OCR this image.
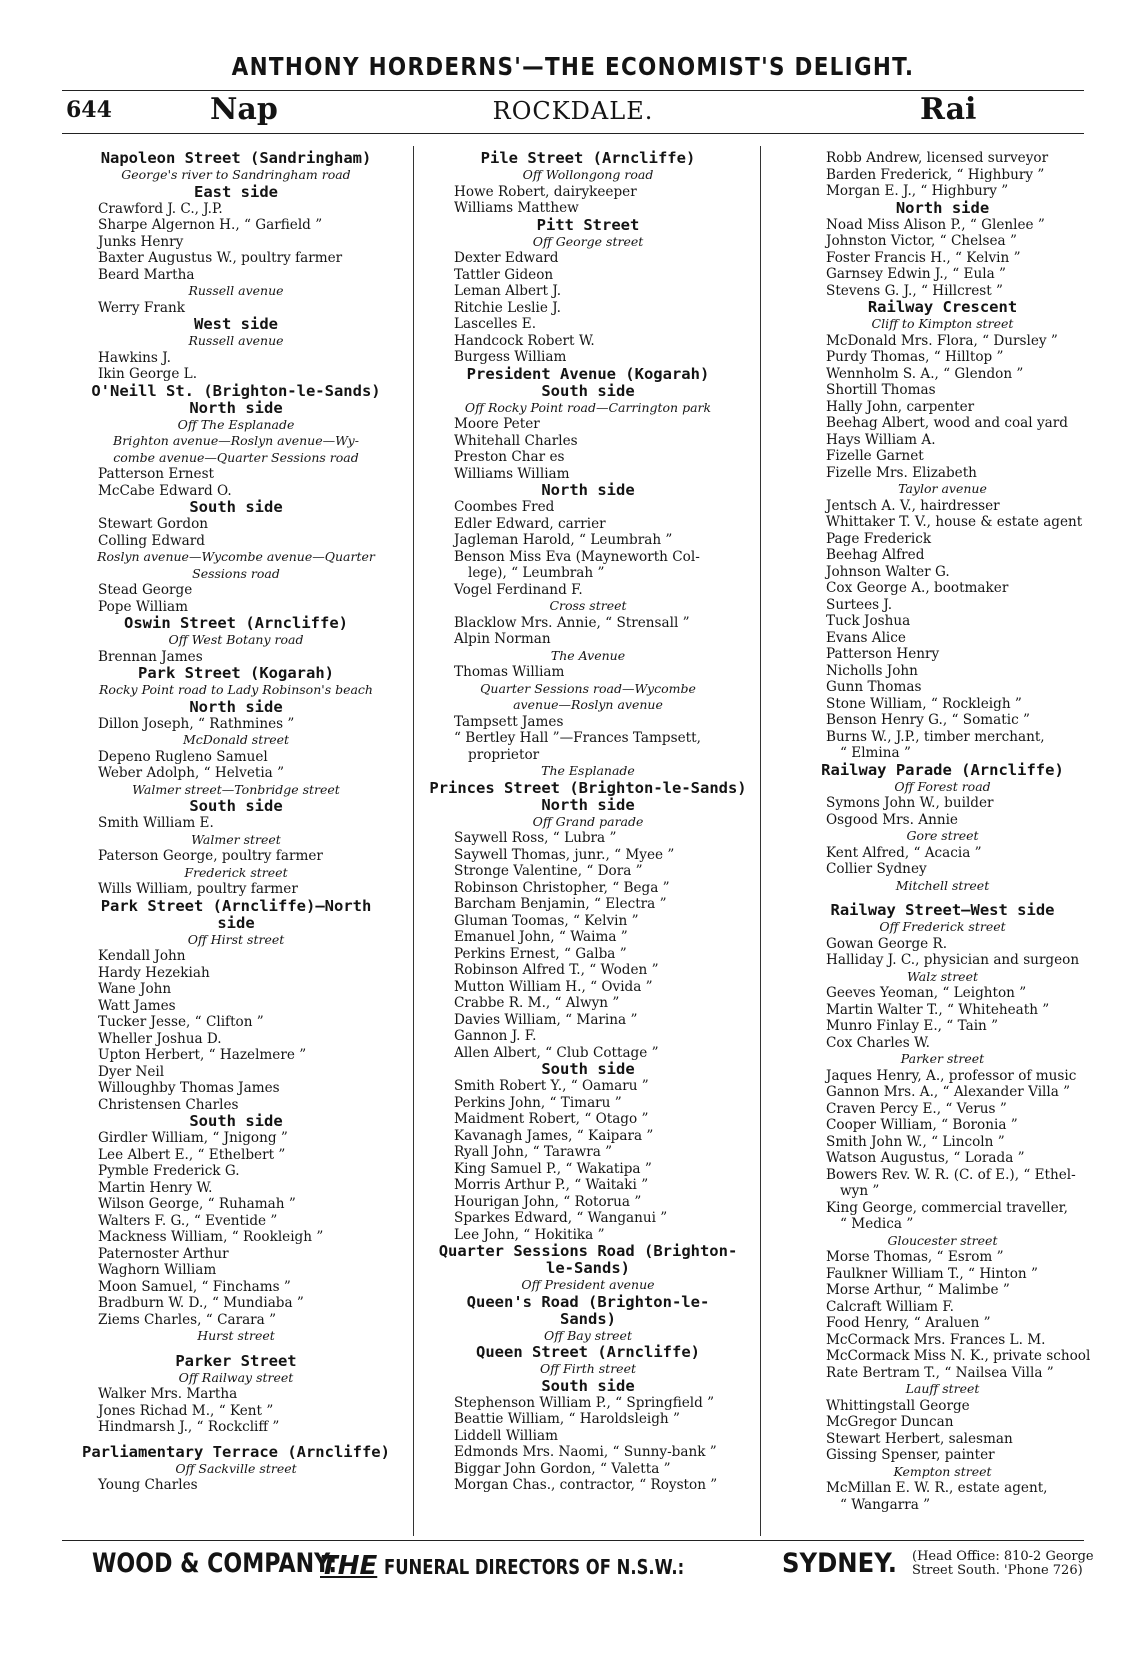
ANTHONY HORDERNS'—THE ECONOMIST'S DELIGHT.
644	Nap	ROCKDALE.	Rai
Napoleon Street (Sandringham)
George's river to Sandringham road
East side
Crawford J. C., J.P.
Sharpe Algernon H., “ Garfield ”
Junks Henry
Baxter Augustus W., poultry farmer
Beard Martha
Russell avenue
Werry Frank
West side
Russell avenue
Hawkins J.
Ikin George L.
O'Neill St. (Brighton-le-Sands)
North side
Off The Esplanade
Brighton avenue—Roslyn avenue—Wy-
combe avenue—Quarter Sessions road
Patterson Ernest
McCabe Edward O.
South side
Stewart Gordon
Colling Edward
Roslyn avenue—Wycombe avenue—Quarter
Sessions road
Stead George
Pope William
Oswin Street (Arncliffe)
Off West Botany road
Brennan James
Park Street (Kogarah)
Rocky Point road to Lady Robinson's beach
North side
Dillon Joseph, “ Rathmines ”
McDonald street
Depeno Rugleno Samuel
Weber Adolph, “ Helvetia ”
Walmer street—Tonbridge street
South side
Smith William E.
Walmer street
Paterson George, poultry farmer
Frederick street
Wills William, poultry farmer
Park Street (Arncliffe)—North
side
Off Hirst street
Kendall John
Hardy Hezekiah
Wane John
Watt James
Tucker Jesse, “ Clifton ”
Wheller Joshua D.
Upton Herbert, “ Hazelmere ”
Dyer Neil
Willoughby Thomas James
Christensen Charles
South side
Girdler William, “ Jnigong ”
Lee Albert E., “ Ethelbert ”
Pymble Frederick G.
Martin Henry W.
Wilson George, “ Ruhamah ”
Walters F. G., “ Eventide ”
Mackness William, “ Rookleigh ”
Paternoster Arthur
Waghorn William
Moon Samuel, “ Finchams ”
Bradburn W. D., “ Mundiaba ”
Ziems Charles, “ Carara ”
Hurst street
Parker Street
Off Railway street
Walker Mrs. Martha
Jones Richad M., “ Kent ”
Hindmarsh J., “ Rockcliff ”
Parliamentary Terrace (Arncliffe)
Off Sackville street
Young Charles
Pile Street (Arncliffe)
Off Wollongong road
Howe Robert, dairykeeper
Williams Matthew
Pitt Street
Off George street
Dexter Edward
Tattler Gideon
Leman Albert J.
Ritchie Leslie J.
Lascelles E.
Handcock Robert W.
Burgess William
President Avenue (Kogarah)
South side
Off Rocky Point road—Carrington park
Moore Peter
Whitehall Charles
Preston Char es
Williams William
North side
Coombes Fred
Edler Edward, carrier
Jagleman Harold, “ Leumbrah ”
Benson Miss Eva (Mayneworth Col-
lege), “ Leumbrah ”
Vogel Ferdinand F.
Cross street
Blacklow Mrs. Annie, “ Strensall ”
Alpin Norman
The Avenue
Thomas William
Quarter Sessions road—Wycombe
avenue—Roslyn avenue
Tampsett James
“ Bertley Hall ”—Frances Tampsett,
proprietor
The Esplanade
Princes Street (Brighton-le-Sands)
North side
Off Grand parade
Saywell Ross, “ Lubra ”
Saywell Thomas, junr., “ Myee ”
Stronge Valentine, “ Dora ”
Robinson Christopher, “ Bega ”
Barcham Benjamin, “ Electra ”
Gluman Toomas, “ Kelvin ”
Emanuel John, “ Waima ”
Perkins Ernest, “ Galba ”
Robinson Alfred T., “ Woden ”
Mutton William H., “ Ovida ”
Crabbe R. M., “ Alwyn ”
Davies William, “ Marina ”
Gannon J. F.
Allen Albert, “ Club Cottage ”
South side
Smith Robert Y., “ Oamaru ”
Perkins John, “ Timaru ”
Maidment Robert, “ Otago ”
Kavanagh James, “ Kaipara ”
Ryall John, “ Tarawra ”
King Samuel P., “ Wakatipa ”
Morris Arthur P., “ Waitaki ”
Hourigan John, “ Rotorua ”
Sparkes Edward, “ Wanganui ”
Lee John, “ Hokitika ”
Quarter Sessions Road (Brighton-
le-Sands)
Off President avenue
Queen's Road (Brighton-le-
Sands)
Off Bay street
Queen Street (Arncliffe)
Off Firth street
South side
Stephenson William P., “ Springfield ”
Beattie William, “ Haroldsleigh ”
Liddell William
Edmonds Mrs. Naomi, “ Sunny-bank ”
Biggar John Gordon, “ Valetta ”
Morgan Chas., contractor, “ Royston ”
Robb Andrew, licensed surveyor
Barden Frederick, “ Highbury ”
Morgan E. J., “ Highbury ”
North side
Noad Miss Alison P., “ Glenlee ”
Johnston Victor, “ Chelsea ”
Foster Francis H., “ Kelvin ”
Garnsey Edwin J., “ Eula ”
Stevens G. J., “ Hillcrest ”
Railway Crescent
Cliff to Kimpton street
McDonald Mrs. Flora, “ Dursley ”
Purdy Thomas, “ Hilltop ”
Wennholm S. A., “ Glendon ”
Shortill Thomas
Hally John, carpenter
Beehag Albert, wood and coal yard
Hays William A.
Fizelle Garnet
Fizelle Mrs. Elizabeth
Taylor avenue
Jentsch A. V., hairdresser
Whittaker T. V., house & estate agent
Page Frederick
Beehag Alfred
Johnson Walter G.
Cox George A., bootmaker
Surtees J.
Tuck Joshua
Evans Alice
Patterson Henry
Nicholls John
Gunn Thomas
Stone William, “ Rockleigh ”
Benson Henry G., “ Somatic ”
Burns W., J.P., timber merchant,
“ Elmina ”
Railway Parade (Arncliffe)
Off Forest road
Symons John W., builder
Osgood Mrs. Annie
Gore street
Kent Alfred, “ Acacia ”
Collier Sydney
Mitchell street
Railway Street—West side
Off Frederick street
Gowan George R.
Halliday J. C., physician and surgeon
Walz street
Geeves Yeoman, “ Leighton ”
Martin Walter T., “ Whiteheath ”
Munro Finlay E., “ Tain ”
Cox Charles W.
Parker street
Jaques Henry, A., professor of music
Gannon Mrs. A., “ Alexander Villa ”
Craven Percy E., “ Verus ”
Cooper William, “ Boronia ”
Smith John W., “ Lincoln ”
Watson Augustus, “ Lorada ”
Bowers Rev. W. R. (C. of E.), “ Ethel-
wyn ”
King George, commercial traveller,
“ Medica ”
Gloucester street
Morse Thomas, “ Esrom ”
Faulkner William T., “ Hinton ”
Morse Arthur, “ Malimbe ”
Calcraft William F.
Food Henry, “ Araluen ”
McCormack Mrs. Frances L. M.
McCormack Miss N. K., private school
Rate Bertram T., “ Nailsea Villa ”
Lauff street
Whittingstall George
McGregor Duncan
Stewart Herbert, salesman
Gissing Spenser, painter
Kempton street
McMillan E. W. R., estate agent,
“ Wangarra ”
WOOD & COMPANY:
THE FUNERAL DIRECTORS OF N.S.W.:	SYDNEY. (Head Office: 810-2 George Street South. 'Phone 726)
